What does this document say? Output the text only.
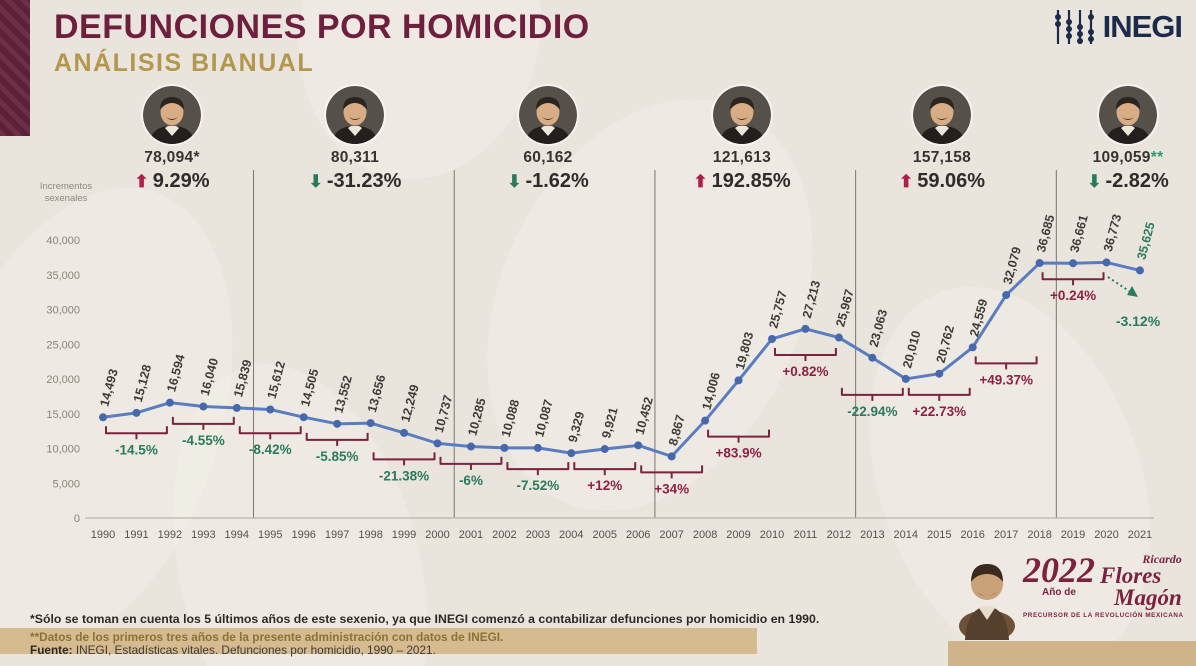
DEFUNCIONES POR HOMICIDIO
ANÁLISIS BIANUAL
INEGI
Incrementos sexenales
78,094*
⬆ 9.29%
80,311
⬇ -31.23%
60,162
⬇ -1.62%
121,613
⬆ 192.85%
157,158
⬆ 59.06%
109,059**
⬇ -2.82%
0
5,000
10,000
15,000
20,000
25,000
30,000
35,000
40,000
1990 1991 1992 1993 1994 1995 1996 1997 1998 1999 2000 2001 2002 2003 2004 2005 2006 2007 2008 2009 2010 2011 2012 2013 2014 2015 2016 2017 2018 2019 2020 2021
14,493 15,128 16,594 16,040 15,839 15,612 14,505 13,552 13,656 12,249 10,737 10,285 10,088 10,087 9,329 9,921 10,452 8,867
14,006
19,803
25,757 27,213 25,967 23,063
20,010 20,762
24,559
32,079
36,685 36,661 36,773 35,625
-14.5%
-4.55%
-8.42% -5.85%
-21.38% -6% -7.52% +12% +34%
+83.9%
+0.82%
-22.94% +22.73%
+49.37%
+0.24%
-3.12%
*Sólo se toman en cuenta los 5 últimos años de este sexenio, ya que INEGI comenzó a contabilizar defunciones por homicidio en 1990.
**Datos de los primeros tres años de la presente administración con datos de INEGI.
Fuente: INEGI, Estadísticas vitales. Defunciones por homicidio, 1990 – 2021.
2022
Año de
Ricardo
Flores
Magón
PRECURSOR DE LA REVOLUCIÓN MEXICANA
